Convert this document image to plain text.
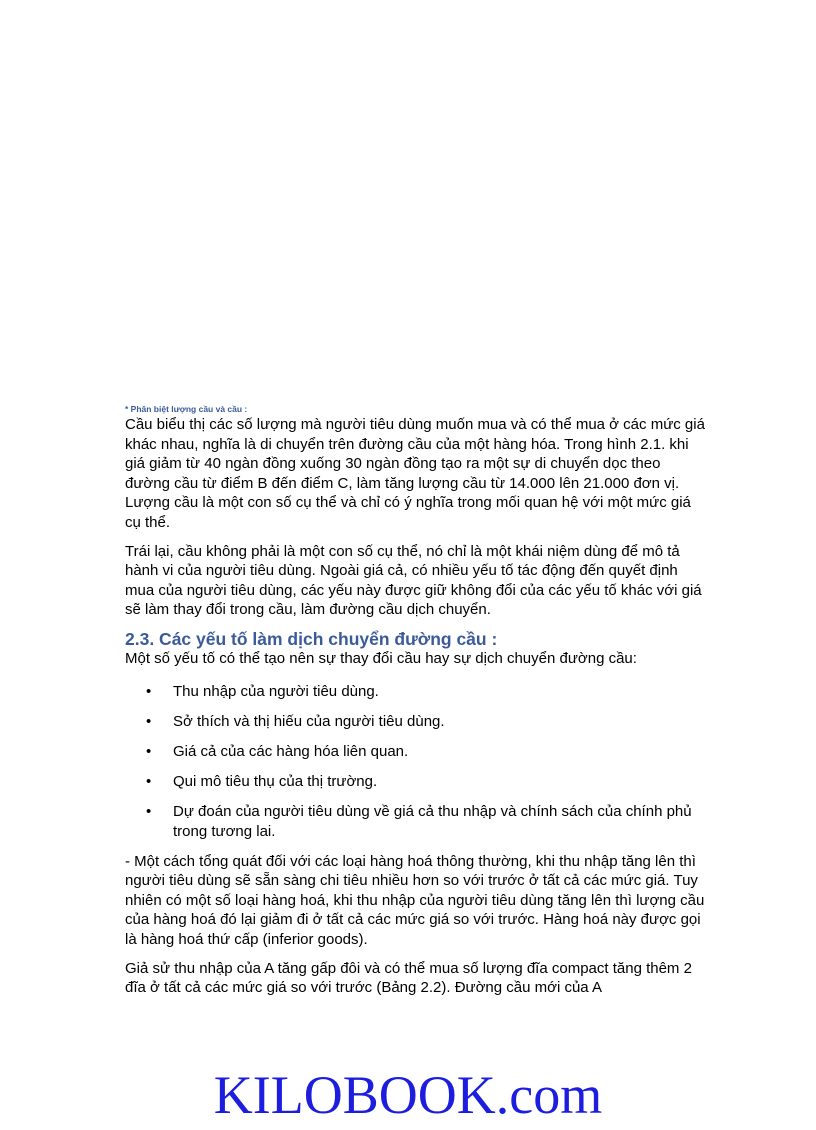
* Phân biệt lượng cầu và cầu :

Cầu biểu thị các số lượng mà người tiêu dùng muốn mua và có thể mua ở các mức giá khác nhau, nghĩa là di chuyển trên đường cầu của một hàng hóa. Trong hình 2.1. khi giá giảm từ 40 ngàn đồng xuống 30 ngàn đồng tạo ra một sự di chuyển dọc theo đường cầu từ điểm B đến điểm C, làm tăng lượng cầu từ 14.000 lên 21.000 đơn vị. Lượng cầu là một con số cụ thể và chỉ có ý nghĩa trong mối quan hệ với một mức giá cụ thể.

Trái lại, cầu không phải là một con số cụ thể, nó chỉ là một khái niệm dùng để mô tả hành vi của người tiêu dùng. Ngoài giá cả, có nhiều yếu tố tác động đến quyết định mua của người tiêu dùng, các yếu này được giữ không đổi của các yếu tố khác với giá sẽ làm thay đổi trong cầu, làm đường cầu dịch chuyển.

2.3. Các yếu tố làm dịch chuyển đường cầu :

Một số yếu tố có thể tạo nên sự thay đổi cầu hay sự dịch chuyển đường cầu:

• Thu nhập của người tiêu dùng.
• Sở thích và thị hiếu của người tiêu dùng.
• Giá cả của các hàng hóa liên quan.
• Qui mô tiêu thụ của thị trường.
• Dự đoán của người tiêu dùng về giá cả thu nhập và chính sách của chính phủ trong tương lai.

- Một cách tổng quát đối với các loại hàng hoá thông thường, khi thu nhập tăng lên thì người tiêu dùng sẽ sẵn sàng chi tiêu nhiều hơn so với trước ở tất cả các mức giá. Tuy nhiên có một số loại hàng hoá, khi thu nhập của người tiêu dùng tăng lên thì lượng cầu của hàng hoá đó lại giảm đi ở tất cả các mức giá so với trước. Hàng hoá này được gọi là hàng hoá thứ cấp (inferior goods).

Giả sử thu nhập của A tăng gấp đôi và có thể mua số lượng đĩa compact tăng thêm 2 đĩa ở tất cả các mức giá so với trước (Bảng 2.2). Đường cầu mới của A

KILOBOOK.com
